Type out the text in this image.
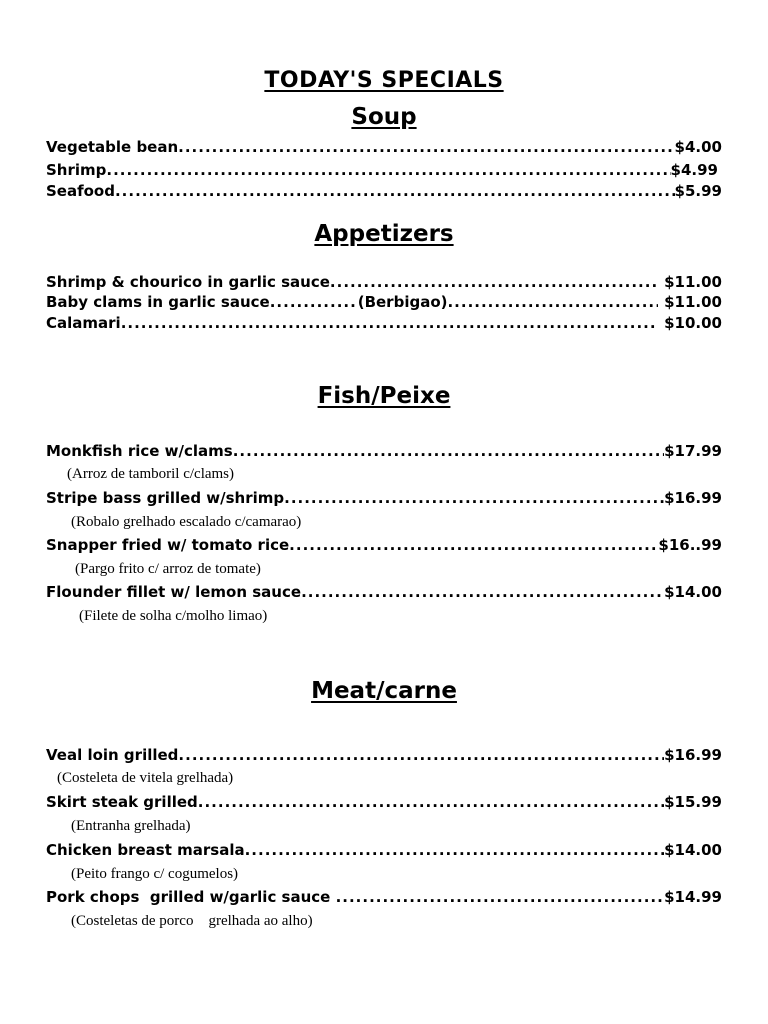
TODAY'S SPECIALS
Soup
Vegetable bean .....	$4.00
Shrimp .....	$4.99
Seafood .....	$5.99
Appetizers
Shrimp & chourico in garlic sauce .....	$11.00
Baby clams in garlic sauce .....	(Berbigao) .....	$11.00
Calamari .....	$10.00
Fish/Peixe
Monkfish rice w/clams .....	$17.99
(Arroz de tamboril c/clams)
Stripe bass grilled w/shrimp .....	$16.99
(Robalo grelhado escalado c/camarao)
Snapper fried w/ tomato rice .....	$16..99
(Pargo frito c/ arroz de tomate)
Flounder fillet w/ lemon sauce .....	$14.00
(Filete de solha c/molho limao)
Meat/carne
Veal loin grilled .....	$16.99
(Costeleta de vitela grelhada)
Skirt steak grilled .....	$15.99
(Entranha grelhada)
Chicken breast marsala .....	$14.00
(Peito frango c/ cogumelos)
Pork chops  grilled w/garlic sauce .....	$14.99
(Costeletas de porco    grelhada ao alho)
